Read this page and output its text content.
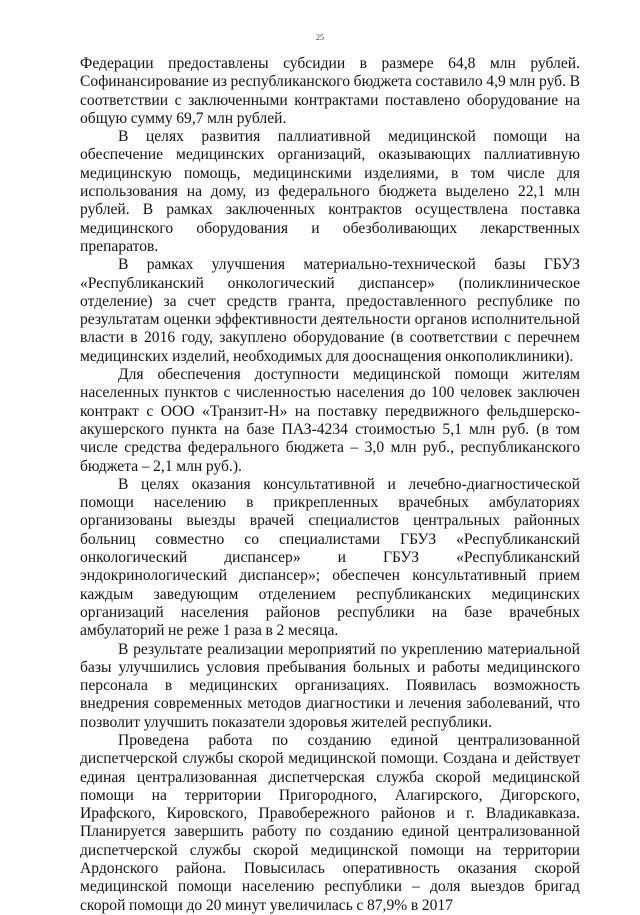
25

Федерации предоставлены субсидии в размере 64,8 млн рублей. Софинансирование из республиканского бюджета составило 4,9 млн руб. В соответствии с заключенными контрактами поставлено оборудование на общую сумму 69,7 млн рублей.

В целях развития паллиативной медицинской помощи на обеспечение медицинских организаций, оказывающих паллиативную медицинскую помощь, медицинскими изделиями, в том числе для использования на дому, из федерального бюджета выделено 22,1 млн рублей. В рамках заключенных контрактов осуществлена поставка медицинского оборудования и обезболивающих лекарственных препаратов.

В рамках улучшения материально-технической базы ГБУЗ «Республиканский онкологический диспансер» (поликлиническое отделение) за счет средств гранта, предоставленного республике по результатам оценки эффективности деятельности органов исполнительной власти в 2016 году, закуплено оборудование (в соответствии с перечнем медицинских изделий, необходимых для дооснащения онкополиклиники).

Для обеспечения доступности медицинской помощи жителям населенных пунктов с численностью населения до 100 человек заключен контракт с ООО «Транзит-Н» на поставку передвижного фельдшерско-акушерского пункта на базе ПАЗ-4234 стоимостью 5,1 млн руб. (в том числе средства федерального бюджета – 3,0 млн руб., республиканского бюджета – 2,1 млн руб.).

В целях оказания консультативной и лечебно-диагностической помощи населению в прикрепленных врачебных амбулаториях организованы выезды врачей специалистов центральных районных больниц совместно со специалистами ГБУЗ «Республиканский онкологический диспансер» и ГБУЗ «Республиканский эндокринологический диспансер»; обеспечен консультативный прием каждым заведующим отделением республиканских медицинских организаций населения районов республики на базе врачебных амбулаторий не реже 1 раза в 2 месяца.

В результате реализации мероприятий по укреплению материальной базы улучшились условия пребывания больных и работы медицинского персонала в медицинских организациях. Появилась возможность внедрения современных методов диагностики и лечения заболеваний, что позволит улучшить показатели здоровья жителей республики.

Проведена работа по созданию единой централизованной диспетчерской службы скорой медицинской помощи. Создана и действует единая централизованная диспетчерская служба скорой медицинской помощи на территории Пригородного, Алагирского, Дигорского, Ирафского, Кировского, Правобережного районов и г. Владикавказа. Планируется завершить работу по созданию единой централизованной диспетчерской службы скорой медицинской помощи на территории Ардонского района. Повысилась оперативность оказания скорой медицинской помощи населению республики – доля выездов бригад скорой помощи до 20 минут увеличилась с 87,9% в 2017
